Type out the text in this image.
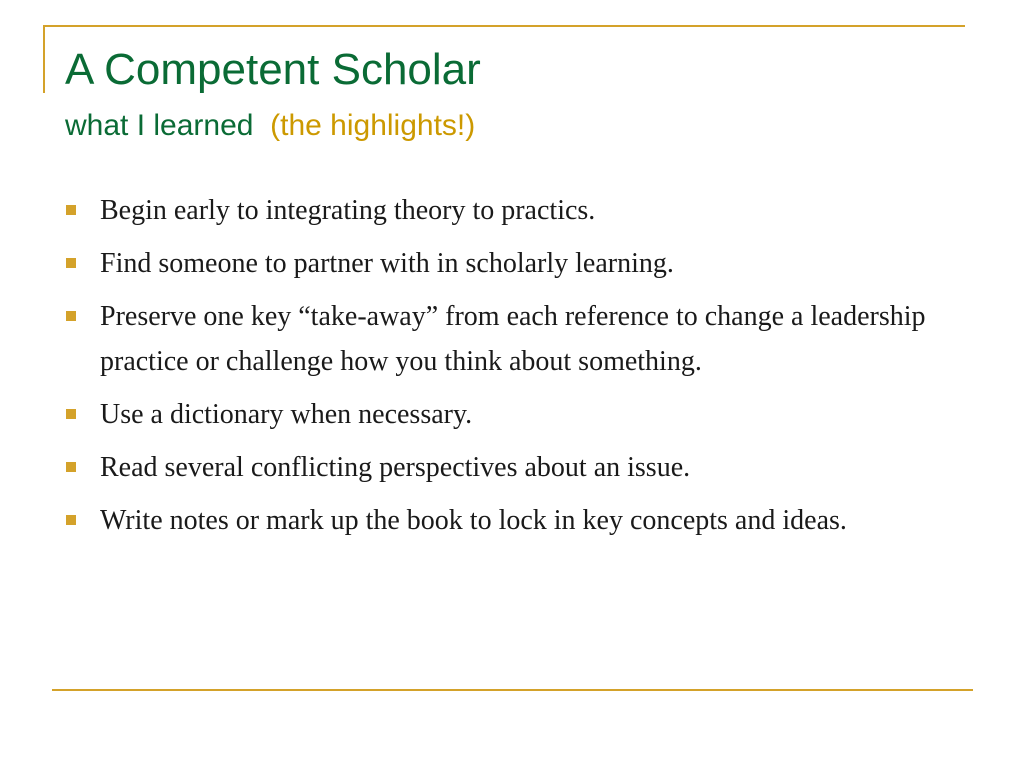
A Competent Scholar
what I learned (the highlights!)
Begin early to integrating theory to practics.
Find someone to partner with in scholarly learning.
Preserve one key “take-away” from each reference to change a leadership practice or challenge how you think about something.
Use a dictionary when necessary.
Read several conflicting perspectives about an issue.
Write notes or mark up the book to lock in key concepts and ideas.
